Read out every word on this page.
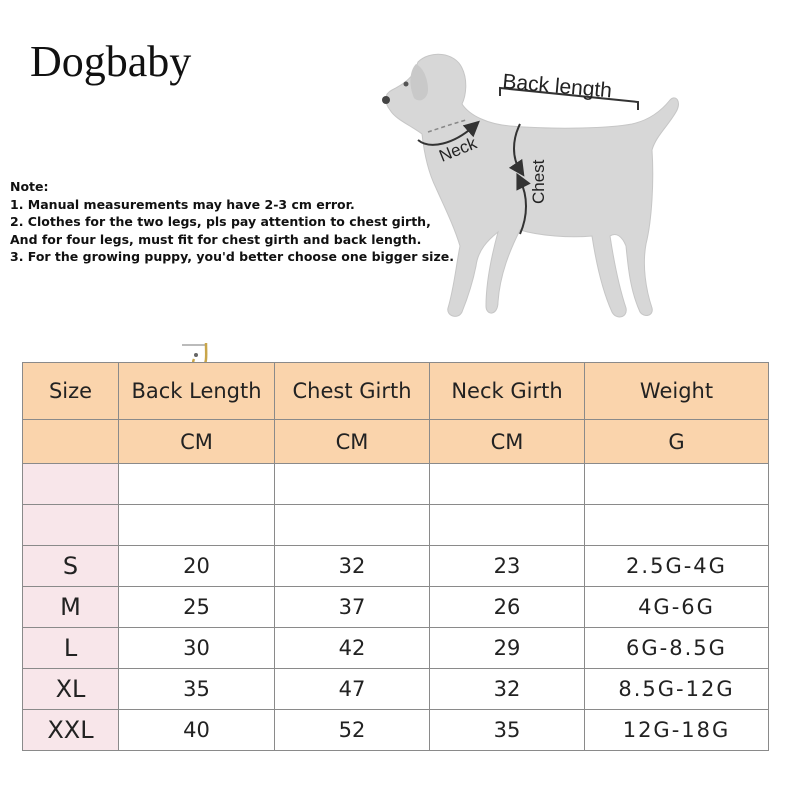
Dogbaby
Note:
1. Manual measurements may have 2-3 cm error.
2. Clothes for the two legs, pls pay attention to chest girth,
And for four legs, must fit for chest girth and back length.
3. For the growing puppy, you'd better choose one bigger size.
Back length
Neck
Chest
Size	Back Length	Chest Girth	Neck Girth	Weight
	CM	CM	CM	G

S	20	32	23	2.5G-4G
M	25	37	26	4G-6G
L	30	42	29	6G-8.5G
XL	35	47	32	8.5G-12G
XXL	40	52	35	12G-18G
